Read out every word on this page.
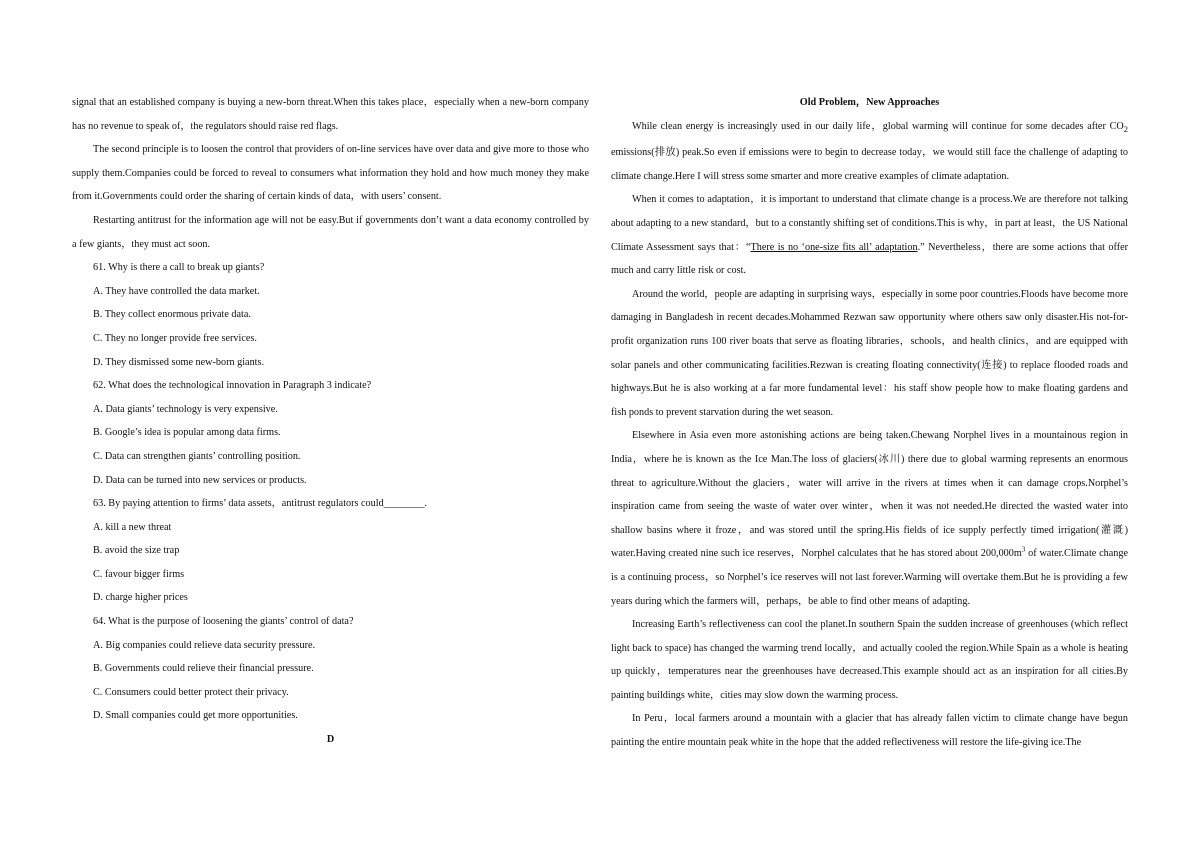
signal that an established company is buying a new-born threat.When this takes place，especially when a new-born company has no revenue to speak of，the regulators should raise red flags.

The second principle is to loosen the control that providers of on-line services have over data and give more to those who supply them.Companies could be forced to reveal to consumers what information they hold and how much money they make from it.Governments could order the sharing of certain kinds of data，with users’ consent.

Restarting antitrust for the information age will not be easy.But if governments don’t want a data economy controlled by a few giants，they must act soon.

61. Why is there a call to break up giants?

A. They have controlled the data market.

B. They collect enormous private data.

C. They no longer provide free services.

D. They dismissed some new-born giants.

62. What does the technological innovation in Paragraph 3 indicate?

A. Data giants’ technology is very expensive.

B. Google’s idea is popular among data firms.

C. Data can strengthen giants’ controlling position.

D. Data can be turned into new services or products.

63. By paying attention to firms’ data assets，antitrust regulators could________.

A. kill a new threat

B. avoid the size trap

C. favour bigger firms

D. charge higher prices

64. What is the purpose of loosening the giants’ control of data?

A. Big companies could relieve data security pressure.

B. Governments could relieve their financial pressure.

C. Consumers could better protect their privacy.

D. Small companies could get more opportunities.

D

Old Problem，New Approaches

While clean energy is increasingly used in our daily life，global warming will continue for some decades after $CO_2$ emissions(排放) peak.So even if emissions were to begin to decrease today，we would still face the challenge of adapting to climate change.Here I will stress some smarter and more creative examples of climate adaptation.

When it comes to adaptation，it is important to understand that climate change is a process.We are therefore not talking about adapting to a new standard，but to a constantly shifting set of conditions.This is why，in part at least，the US National Climate Assessment says that：“There is no ‘one-size fits all’ adaptation.” Nevertheless，there are some actions that offer much and carry little risk or cost.

Around the world，people are adapting in surprising ways，especially in some poor countries.Floods have become more damaging in Bangladesh in recent decades.Mohammed Rezwan saw opportunity where others saw only disaster.His not-for-profit organization runs 100 river boats that serve as floating libraries，schools，and health clinics，and are equipped with solar panels and other communicating facilities.Rezwan is creating floating connectivity(连接) to replace flooded roads and highways.But he is also working at a far more fundamental level：his staff show people how to make floating gardens and fish ponds to prevent starvation during the wet season.

Elsewhere in Asia even more astonishing actions are being taken.Chewang Norphel lives in a mountainous region in India，where he is known as the Ice Man.The loss of glaciers(冰川) there due to global warming represents an enormous threat to agriculture.Without the glaciers，water will arrive in the rivers at times when it can damage crops.Norphel’s inspiration came from seeing the waste of water over winter，when it was not needed.He directed the wasted water into shallow basins where it froze，and was stored until the spring.His fields of ice supply perfectly timed irrigation(灌溉) water.Having created nine such ice reserves，Norphel calculates that he has stored about $200,000m^3$ of water.Climate change is a continuing process，so Norphel’s ice reserves will not last forever.Warming will overtake them.But he is providing a few years during which the farmers will，perhaps，be able to find other means of adapting.

Increasing Earth’s reflectiveness can cool the planet.In southern Spain the sudden increase of greenhouses (which reflect light back to space) has changed the warming trend locally，and actually cooled the region.While Spain as a whole is heating up quickly，temperatures near the greenhouses have decreased.This example should act as an inspiration for all cities.By painting buildings white，cities may slow down the warming process.

In Peru，local farmers around a mountain with a glacier that has already fallen victim to climate change have begun painting the entire mountain peak white in the hope that the added reflectiveness will restore the life-giving ice.The
